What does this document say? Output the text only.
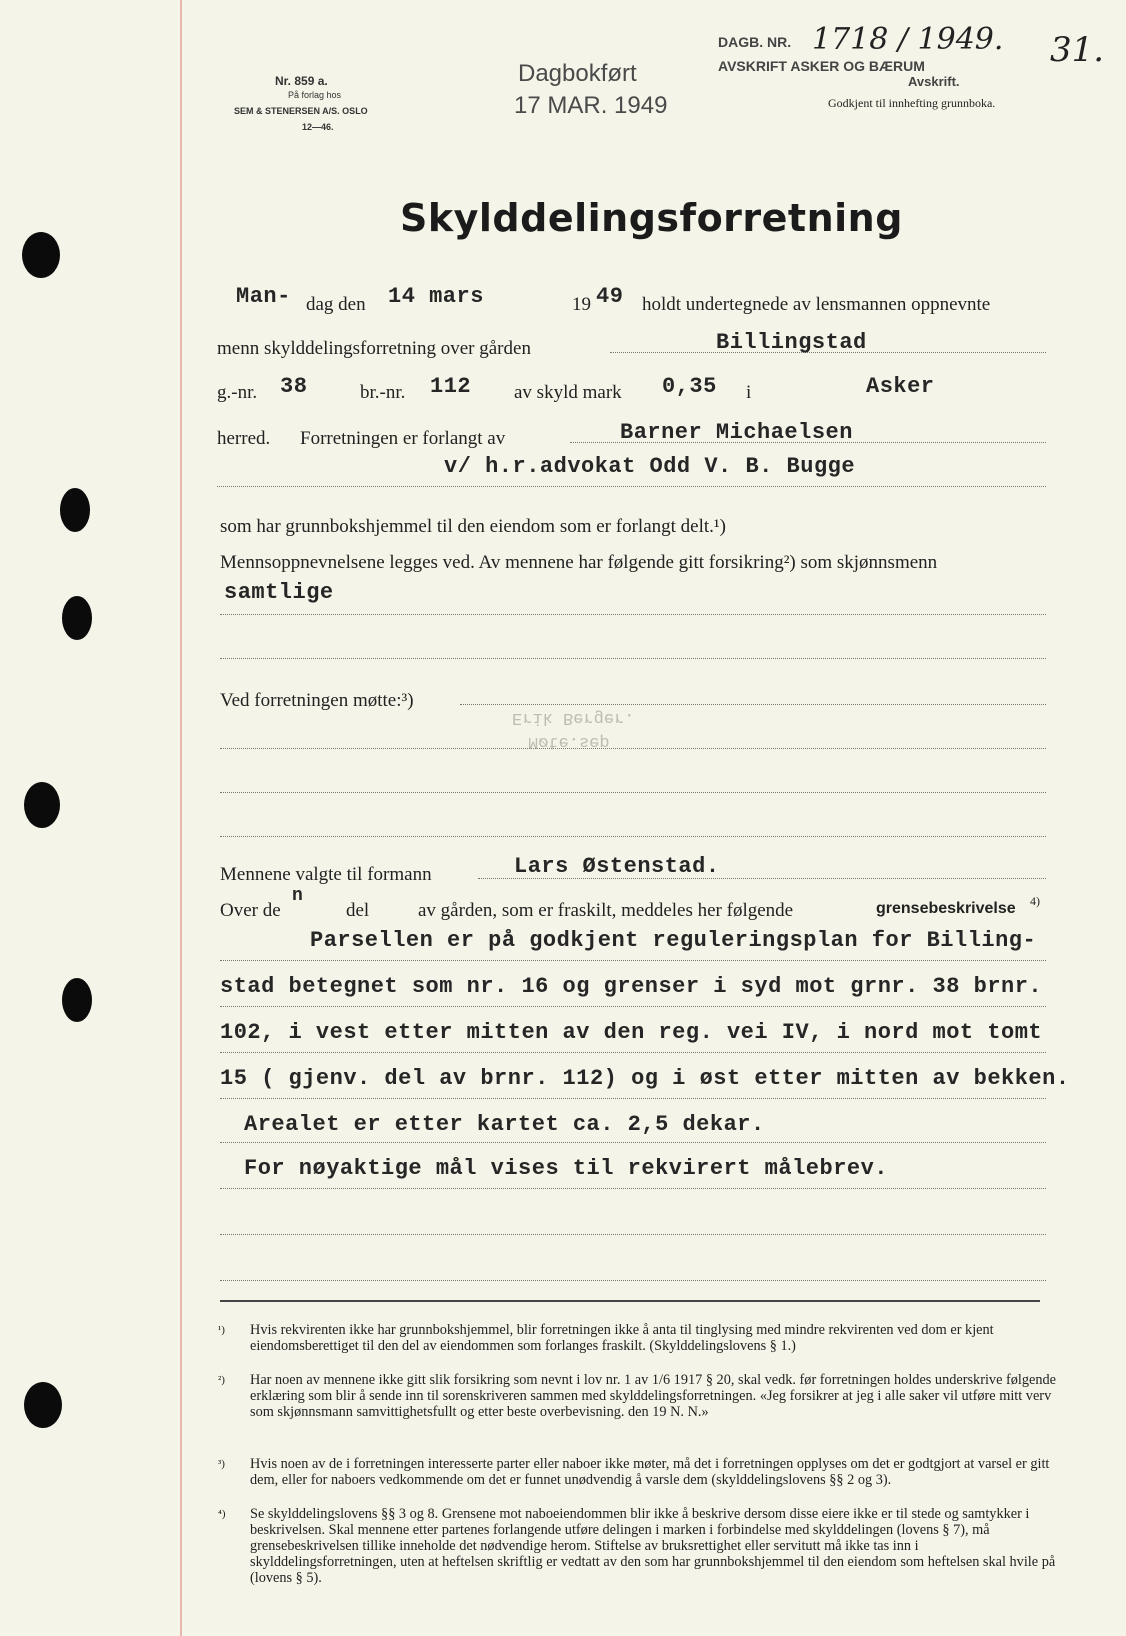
Nr. 859 a.
På forlag hos
SEM & STENERSEN A/S. OSLO
12—46.
Dagbokført
17 MAR. 1949
DAGB. NR. 1718 / 1949.
AVSKRIFT ASKER OG BÆRUM
Avskrift.
Godkjent til innhefting grunnboka.
31.
Skylddelingsforretning
Man- dag den 14 mars	19 49 holdt undertegnede av lensmannen oppnevnte
menn skylddelingsforretning over gården	Billingstad
g.-nr. 38	br.-nr. 112 av skyld mark 0,35 i	Asker
herred. Forretningen er forlangt av	Barner Michaelsen
v/ h.r.advokat Odd V. B. Bugge
som har grunnbokshjemmel til den eiendom som er forlangt delt.¹)
Mennsoppnevnelsene legges ved. Av mennene har følgende gitt forsikring²) som skjønnsmenn
samtlige
Ved forretningen møtte:³)
Erik Berger.
Møte.sep
Mennene valgte til formann	Lars Østenstad.
Over de
n
del	av gården, som er fraskilt, meddeles her følgende	grensebeskrivelse 4)
Parsellen er på godkjent reguleringsplan for Billing-
stad betegnet som nr. 16 og grenser i syd mot grnr. 38 brnr.
102, i vest etter mitten av den reg. vei IV, i nord mot tomt
15 ( gjenv. del av brnr. 112) og i øst etter mitten av bekken.
Arealet er etter kartet ca. 2,5 dekar.
For nøyaktige mål vises til rekvirert målebrev.
¹) Hvis rekvirenten ikke har grunnbokshjemmel, blir forretningen ikke å anta til tinglysing med mindre rekvirenten ved dom er kjent eiendomsberettiget til den del av eiendommen som forlanges fraskilt. (Skylddelingslovens § 1.)
²) Har noen av mennene ikke gitt slik forsikring som nevnt i lov nr. 1 av 1/6 1917 § 20, skal vedk. før forretningen holdes underskrive følgende erklæring som blir å sende inn til sorenskriveren sammen med skylddelingsforretningen. «Jeg forsikrer at jeg i alle saker vil utføre mitt verv som skjønnsmann samvittighetsfullt og etter beste overbevisning. den 19 N. N.»
³) Hvis noen av de i forretningen interesserte parter eller naboer ikke møter, må det i forretningen opplyses om det er godtgjort at varsel er gitt dem, eller for naboers vedkommende om det er funnet unødvendig å varsle dem (skylddelingslovens §§ 2 og 3).
⁴) Se skylddelingslovens §§ 3 og 8. Grensene mot naboeiendommen blir ikke å beskrive dersom disse eiere ikke er til stede og samtykker i beskrivelsen. Skal mennene etter partenes forlangende utføre delingen i marken i forbindelse med skylddelingen (lovens § 7), må grensebeskrivelsen tillike inneholde det nødvendige herom. Stiftelse av bruksrettighet eller servitutt må ikke tas inn i skylddelingsforretningen, uten at heftelsen skriftlig er vedtatt av den som har grunnbokshjemmel til den eiendom som heftelsen skal hvile på (lovens § 5).
